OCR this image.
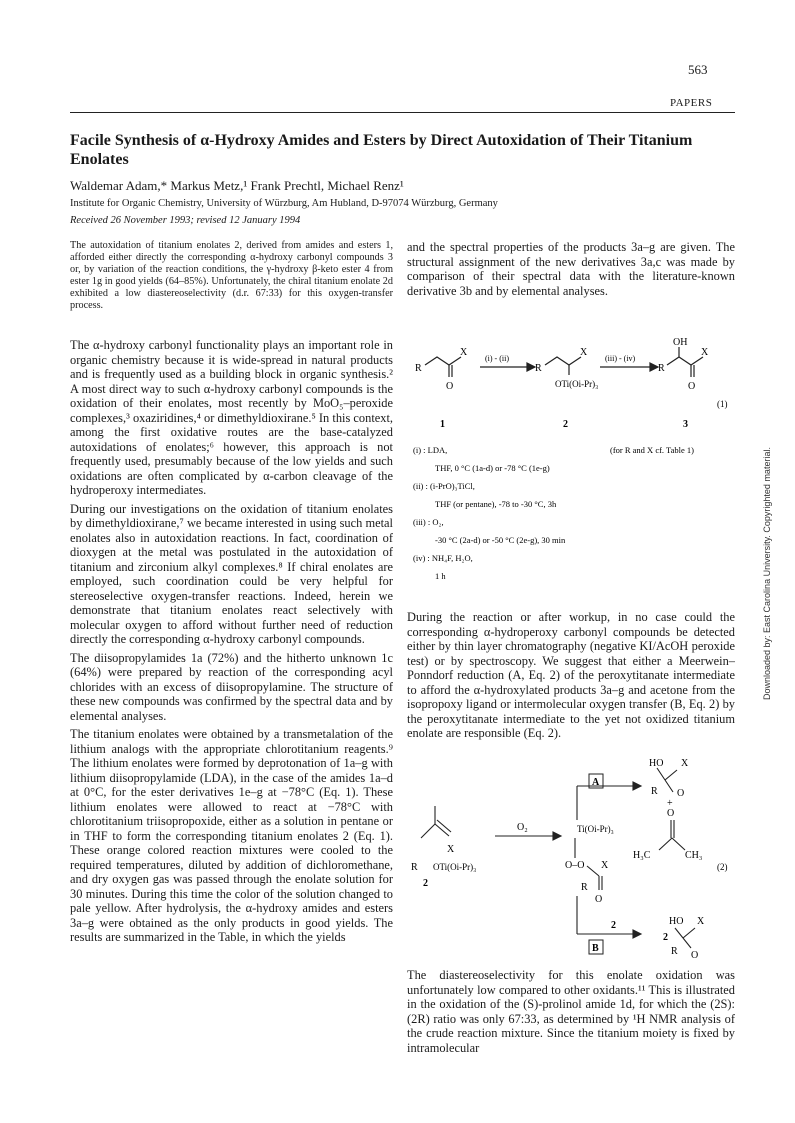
563
PAPERS
Facile Synthesis of α-Hydroxy Amides and Esters by Direct Autoxidation of Their Titanium Enolates
Waldemar Adam,* Markus Metz,¹ Frank Prechtl, Michael Renz¹
Institute for Organic Chemistry, University of Würzburg, Am Hubland, D-97074 Würzburg, Germany
Received 26 November 1993; revised 12 January 1994

The autoxidation of titanium enolates 2, derived from amides and esters 1, afforded either directly the corresponding α-hydroxy carbonyl compounds 3 or, by variation of the reaction conditions, the γ-hydroxy β-keto ester 4 from ester 1g in good yields (64–85%). Unfortunately, the chiral titanium enolate 2d exhibited a low diastereoselectivity (d.r. 67:33) for this oxygen-transfer process.

The α-hydroxy carbonyl functionality plays an important role in organic chemistry because it is wide-spread in natural products and is frequently used as a building block in organic synthesis.² A most direct way to such α-hydroxy carbonyl compounds is the oxidation of their enolates, most recently by MoO₅–peroxide complexes,³ oxaziridines,⁴ or dimethyldioxirane.⁵ In this context, among the first oxidative routes are the base-catalyzed autoxidations of enolates;⁶ however, this approach is not frequently used, presumably because of the low yields and such oxidations are often complicated by α-carbon cleavage of the hydroperoxy intermediates.

During our investigations on the oxidation of titanium enolates by dimethyldioxirane,⁷ we became interested in using such metal enolates also in autoxidation reactions. In fact, coordination of dioxygen at the metal was postulated in the autoxidation of titanium and zirconium alkyl complexes.⁸ If chiral enolates are employed, such coordination could be very helpful for stereoselective oxygen-transfer reactions. Indeed, herein we demonstrate that titanium enolates react selectively with molecular oxygen to afford without further need of reduction directly the corresponding α-hydroxy carbonyl compounds.

The diisopropylamides 1a (72%) and the hitherto unknown 1c (64%) were prepared by reaction of the corresponding acyl chlorides with an excess of diisopropylamine. The structure of these new compounds was confirmed by the spectral data and by elemental analyses.

The titanium enolates were obtained by a transmetalation of the lithium analogs with the appropriate chlorotitanium reagents.⁹ The lithium enolates were formed by deprotonation of 1a–g with lithium diisopropylamide (LDA), in the case of the amides 1a–d at 0°C, for the ester derivatives 1e–g at −78°C (Eq. 1). These lithium enolates were allowed to react at −78°C with chlorotitanium triisopropoxide, either as a solution in pentane or in THF to form the corresponding titanium enolates 2 (Eq. 1). These orange colored reaction mixtures were cooled to the required temperatures, diluted by addition of dichloromethane, and dry oxygen gas was passed through the enolate solution for 30 minutes. During this time the color of the solution changed to pale yellow. After hydrolysis, the α-hydroxy amides and esters 3a–g were obtained as the only products in good yields. The results are summarized in the Table, in which the yields

and the spectral properties of the products 3a–g are given. The structural assignment of the new derivatives 3a,c was made by comparison of their spectral data with the literature-known derivative 3b and by elemental analyses.

R
X
O
(i) - (ii)
R
X
OTi(Oi-Pr)₃
(iii) - (iv)
R
OH
X
O
(1)
1	2	3
(i) : LDA,	(for R and X cf. Table 1)
THF, 0 °C (1a-d) or -78 °C (1e-g)
(ii) : (i-PrO)₃TiCl,
THF (or pentane), -78 to -30 °C, 3h
(iii) : O₂,
-30 °C (2a-d) or -50 °C (2e-g), 30 min
(iv) : NH₄F, H₂O,
1 h

During the reaction or after workup, in no case could the corresponding α-hydroperoxy carbonyl compounds be detected either by thin layer chromatography (negative KI/AcOH peroxide test) or by spectroscopy. We suggest that either a Meerwein–Ponndorf reduction (A, Eq. 2) of the peroxytitanate intermediate to afford the α-hydroxylated products 3a–g and acetone from the isopropoxy ligand or intermolecular oxygen transfer (B, Eq. 2) by the peroxytitanate intermediate to the yet not oxidized titanium enolate are responsible (Eq. 2).

A
B
HO X
R O
+
O
H₃C	CH₃
(2)
X
R OTi(Oi-Pr)₃
2
O₂	Ti(Oi-Pr)₃
O–O X
R
O
2
2
HO X
R O

The diastereoselectivity for this enolate oxidation was unfortunately low compared to other oxidants.¹¹ This is illustrated in the oxidation of the (S)-prolinol amide 1d, for which the (2S):(2R) ratio was only 67:33, as determined by ¹H NMR analysis of the crude reaction mixture. Since the titanium moiety is fixed by intramolecular

Downloaded by: East Carolina University. Copyrighted material.
